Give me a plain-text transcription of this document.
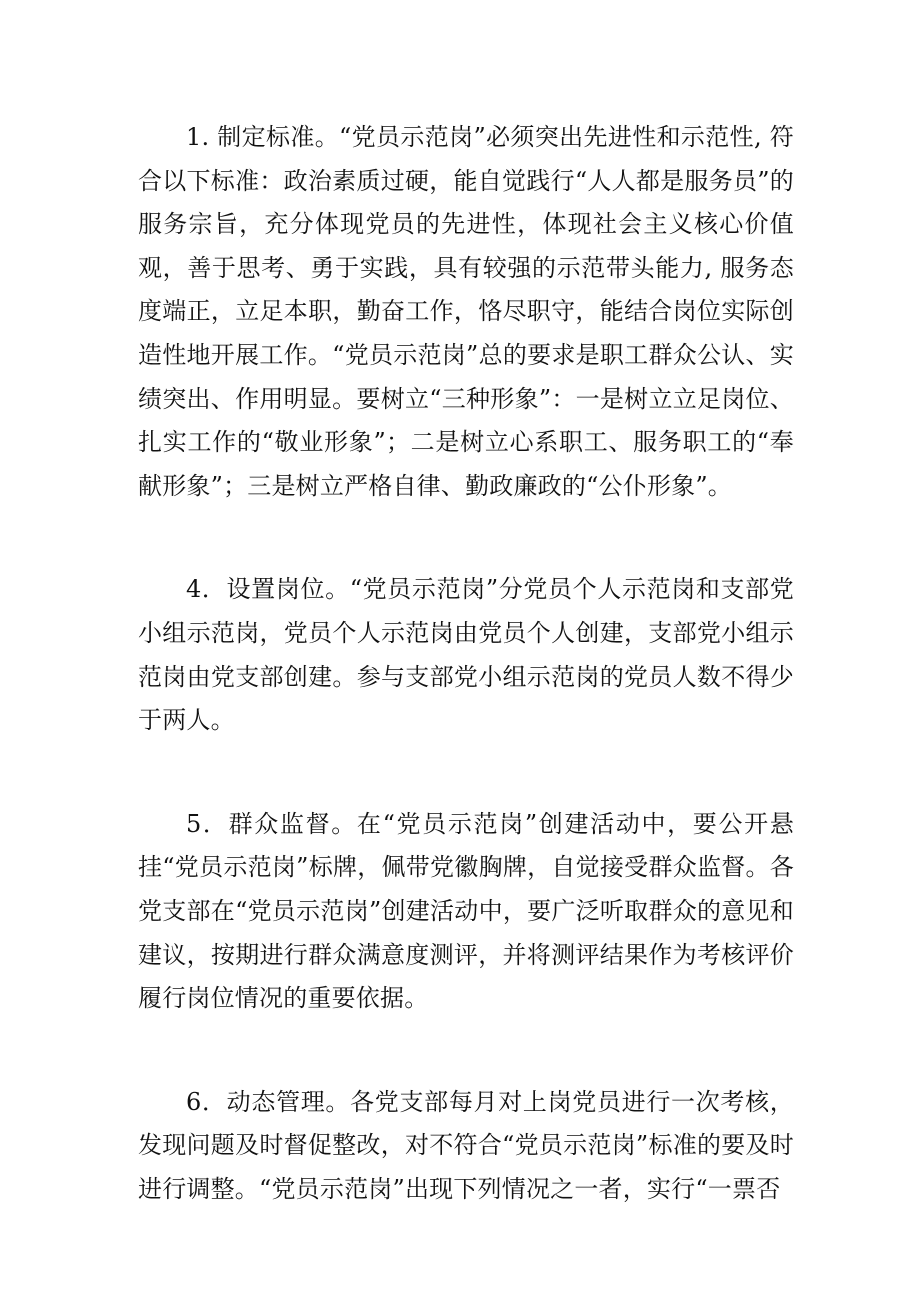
1. 制定标准。“党员示范岗”必须突出先进性和示范性, 符合以下标准：政治素质过硬，能自觉践行“人人都是服务员”的服务宗旨，充分体现党员的先进性，体现社会主义核心价值观，善于思考、勇于实践，具有较强的示范带头能力, 服务态度端正，立足本职，勤奋工作，恪尽职守，能结合岗位实际创造性地开展工作。“党员示范岗”总的要求是职工群众公认、实绩突出、作用明显。要树立“三种形象”：一是树立立足岗位、扎实工作的“敬业形象”；二是树立心系职工、服务职工的“奉献形象”；三是树立严格自律、勤政廉政的“公仆形象”。

4．设置岗位。“党员示范岗”分党员个人示范岗和支部党小组示范岗，党员个人示范岗由党员个人创建，支部党小组示范岗由党支部创建。参与支部党小组示范岗的党员人数不得少于两人。

5．群众监督。在“党员示范岗”创建活动中，要公开悬挂“党员示范岗”标牌，佩带党徽胸牌，自觉接受群众监督。各党支部在“党员示范岗”创建活动中，要广泛听取群众的意见和建议，按期进行群众满意度测评，并将测评结果作为考核评价履行岗位情况的重要依据。

6．动态管理。各党支部每月对上岗党员进行一次考核，发现问题及时督促整改，对不符合“党员示范岗”标准的要及时进行调整。“党员示范岗”出现下列情况之一者，实行“一票否
